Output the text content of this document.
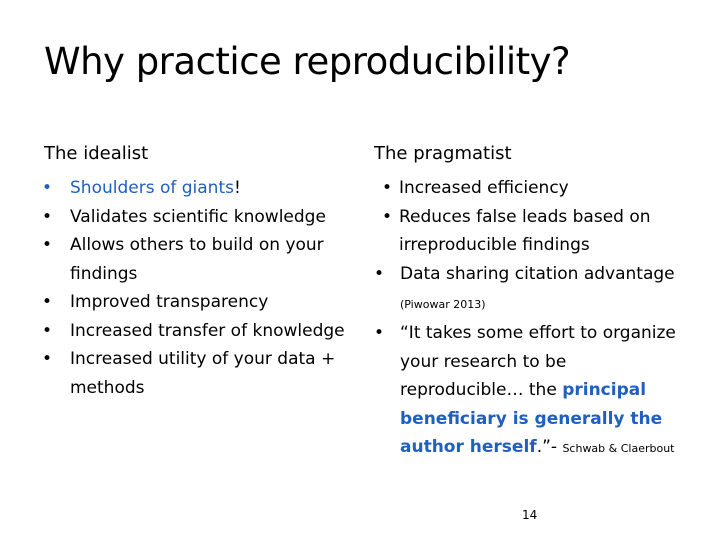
Why practice reproducibility?
The idealist	The pragmatist
• Shoulders of giants!
• Validates scientific knowledge
• Allows others to build on your findings
• Improved transparency
• Increased transfer of knowledge
• Increased utility of your data + methods
• Increased efficiency
• Reduces false leads based on irreproducible findings
• Data sharing citation advantage (Piwowar 2013)
• “It takes some effort to organize your research to be reproducible… the principal beneficiary is generally the author herself.”- Schwab & Claerbout
14
